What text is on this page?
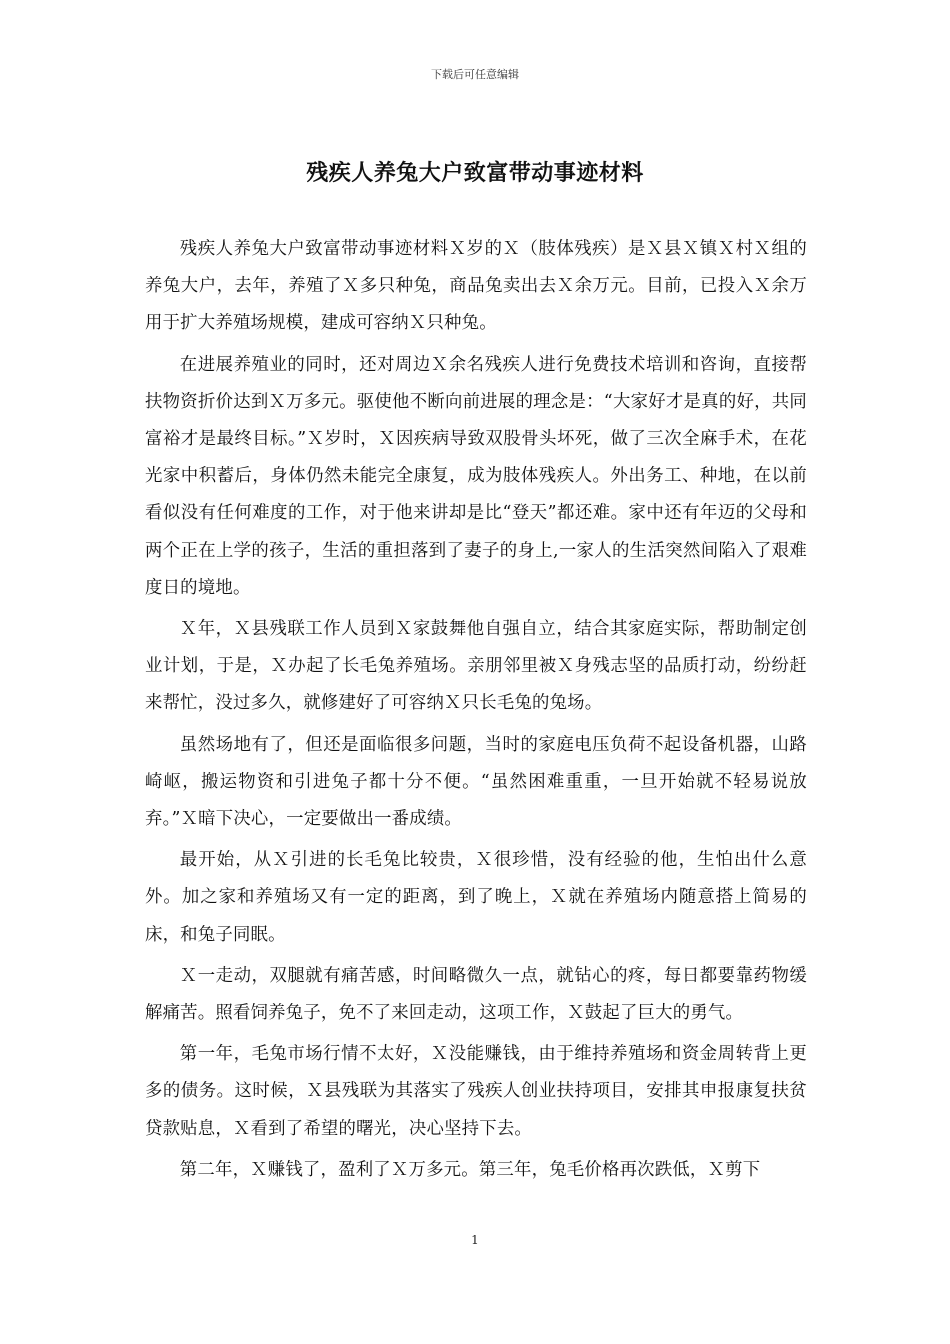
下载后可任意编辑
残疾人养兔大户致富带动事迹材料

残疾人养兔大户致富带动事迹材料Ｘ岁的Ｘ（肢体残疾）是Ｘ县Ｘ镇Ｘ村Ｘ组的养兔大户，去年，养殖了Ｘ多只种兔，商品兔卖出去Ｘ余万元。目前，已投入Ｘ余万用于扩大养殖场规模，建成可容纳Ｘ只种兔。

在进展养殖业的同时，还对周边Ｘ余名残疾人进行免费技术培训和咨询，直接帮扶物资折价达到Ｘ万多元。驱使他不断向前进展的理念是：“大家好才是真的好，共同富裕才是最终目标。”Ｘ岁时，Ｘ因疾病导致双股骨头坏死，做了三次全麻手术，在花光家中积蓄后，身体仍然未能完全康复，成为肢体残疾人。外出务工、种地，在以前看似没有任何难度的工作，对于他来讲却是比“登天”都还难。家中还有年迈的父母和两个正在上学的孩子，生活的重担落到了妻子的身上,一家人的生活突然间陷入了艰难度日的境地。

Ｘ年，Ｘ县残联工作人员到Ｘ家鼓舞他自强自立，结合其家庭实际，帮助制定创业计划，于是，Ｘ办起了长毛兔养殖场。亲朋邻里被Ｘ身残志坚的品质打动，纷纷赶来帮忙，没过多久，就修建好了可容纳Ｘ只长毛兔的兔场。

虽然场地有了，但还是面临很多问题，当时的家庭电压负荷不起设备机器，山路崎岖，搬运物资和引进兔子都十分不便。“虽然困难重重，一旦开始就不轻易说放弃。”Ｘ暗下决心，一定要做出一番成绩。

最开始，从Ｘ引进的长毛兔比较贵，Ｘ很珍惜，没有经验的他，生怕出什么意外。加之家和养殖场又有一定的距离，到了晚上，Ｘ就在养殖场内随意搭上简易的床，和兔子同眠。

Ｘ一走动，双腿就有痛苦感，时间略微久一点，就钻心的疼，每日都要靠药物缓解痛苦。照看饲养兔子，免不了来回走动，这项工作，Ｘ鼓起了巨大的勇气。

第一年，毛兔市场行情不太好，Ｘ没能赚钱，由于维持养殖场和资金周转背上更多的债务。这时候，Ｘ县残联为其落实了残疾人创业扶持项目，安排其申报康复扶贫贷款贴息，Ｘ看到了希望的曙光，决心坚持下去。

第二年，Ｘ赚钱了，盈利了Ｘ万多元。第三年，兔毛价格再次跌低，Ｘ剪下

1
